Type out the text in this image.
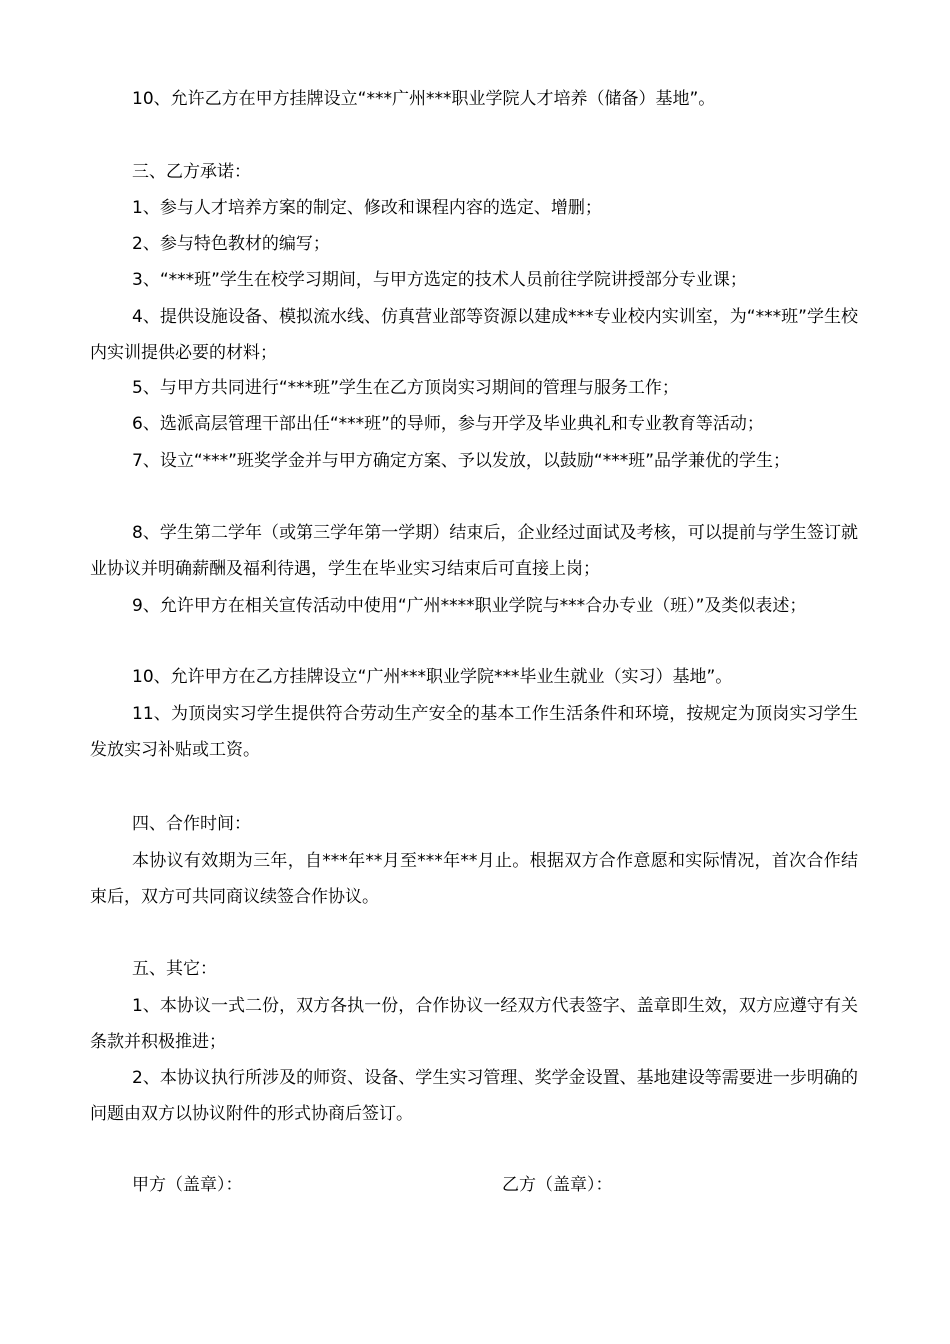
10、允许乙方在甲方挂牌设立“***广州***职业学院人才培养（储备）基地”。
三、乙方承诺：
1、参与人才培养方案的制定、修改和课程内容的选定、增删；
2、参与特色教材的编写；
3、“***班”学生在校学习期间，与甲方选定的技术人员前往学院讲授部分专业课；
4、提供设施设备、模拟流水线、仿真营业部等资源以建成***专业校内实训室，为“***班”学生校内实训提供必要的材料；
5、与甲方共同进行“***班”学生在乙方顶岗实习期间的管理与服务工作；
6、选派高层管理干部出任“***班”的导师，参与开学及毕业典礼和专业教育等活动；
7、设立“***”班奖学金并与甲方确定方案、予以发放，以鼓励“***班”品学兼优的学生；
8、学生第二学年（或第三学年第一学期）结束后，企业经过面试及考核，可以提前与学生签订就业协议并明确薪酬及福利待遇，学生在毕业实习结束后可直接上岗；
9、允许甲方在相关宣传活动中使用“广州****职业学院与***合办专业（班）”及类似表述；
10、允许甲方在乙方挂牌设立“广州***职业学院***毕业生就业（实习）基地”。
11、为顶岗实习学生提供符合劳动生产安全的基本工作生活条件和环境，按规定为顶岗实习学生发放实习补贴或工资。
四、合作时间：
本协议有效期为三年，自***年**月至***年**月止。根据双方合作意愿和实际情况，首次合作结束后，双方可共同商议续签合作协议。
五、其它：
1、本协议一式二份，双方各执一份，合作协议一经双方代表签字、盖章即生效，双方应遵守有关条款并积极推进；
2、本协议执行所涉及的师资、设备、学生实习管理、奖学金设置、基地建设等需要进一步明确的问题由双方以协议附件的形式协商后签订。
甲方（盖章）：	乙方（盖章）：
